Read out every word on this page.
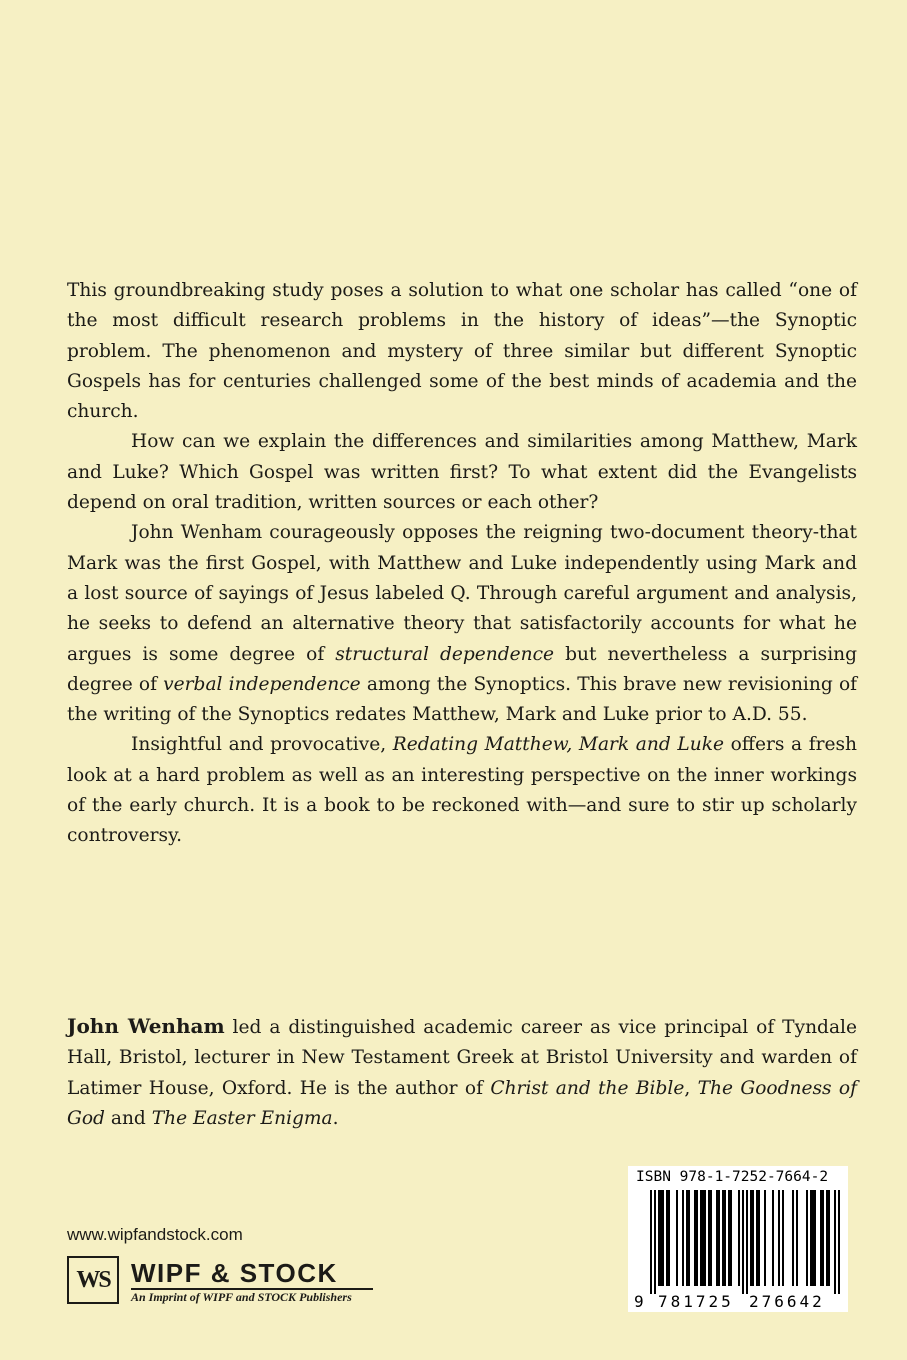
This groundbreaking study poses a solution to what one scholar has called “one of the most difficult research problems in the history of ideas”—the Synoptic problem. The phenomenon and mystery of three similar but different Synoptic Gospels has for centuries challenged some of the best minds of academia and the church.

How can we explain the differences and similarities among Matthew, Mark and Luke? Which Gospel was written first? To what extent did the Evangelists depend on oral tradition, written sources or each other?

John Wenham courageously opposes the reigning two-document theory-that Mark was the first Gospel, with Matthew and Luke independently using Mark and a lost source of sayings of Jesus labeled Q. Through careful argument and analysis, he seeks to defend an alternative theory that satisfactorily accounts for what he argues is some degree of structural dependence but nevertheless a surprising degree of verbal independence among the Synoptics. This brave new revisioning of the writing of the Synoptics redates Matthew, Mark and Luke prior to A.D. 55.

Insightful and provocative, Redating Matthew, Mark and Luke offers a fresh look at a hard problem as well as an interesting perspective on the inner workings of the early church. It is a book to be reckoned with—and sure to stir up scholarly controversy.

John Wenham led a distinguished academic career as vice principal of Tyndale Hall, Bristol, lecturer in New Testament Greek at Bristol University and warden of Latimer House, Oxford. He is the author of Christ and the Bible, The Goodness of God and The Easter Enigma.

www.wipfandstock.com
WS WIPF & STOCK
An Imprint of WIPF and STOCK Publishers
ISBN 978-1-7252-7664-2
9 781725 276642
